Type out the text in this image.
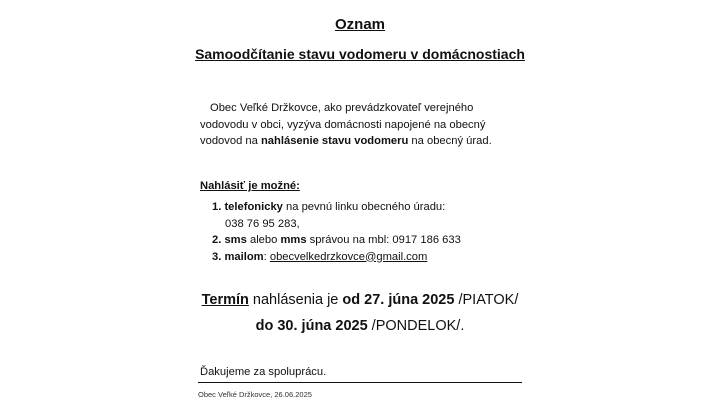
Oznam
Samoodčítanie stavu vodomeru v domácnostiach
Obec Veľké Držkovce, ako prevádzkovateľ verejného
vodovodu v obci, vyzýva domácnosti napojené na obecný
vodovod na nahlásenie stavu vodomeru na obecný úrad.
Nahlásiť je možné:
1. telefonicky na pevnú linku obecného úradu:
038 76 95 283,
2. sms alebo mms správou na mbl: 0917 186 633
3. mailom: obecvelkedrzkovce@gmail.com
Termín nahlásenia je od 27. júna 2025 /PIATOK/
do 30. júna 2025 /PONDELOK/.
Ďakujeme za spoluprácu.
Obec Veľké Držkovce, 26.06.2025
